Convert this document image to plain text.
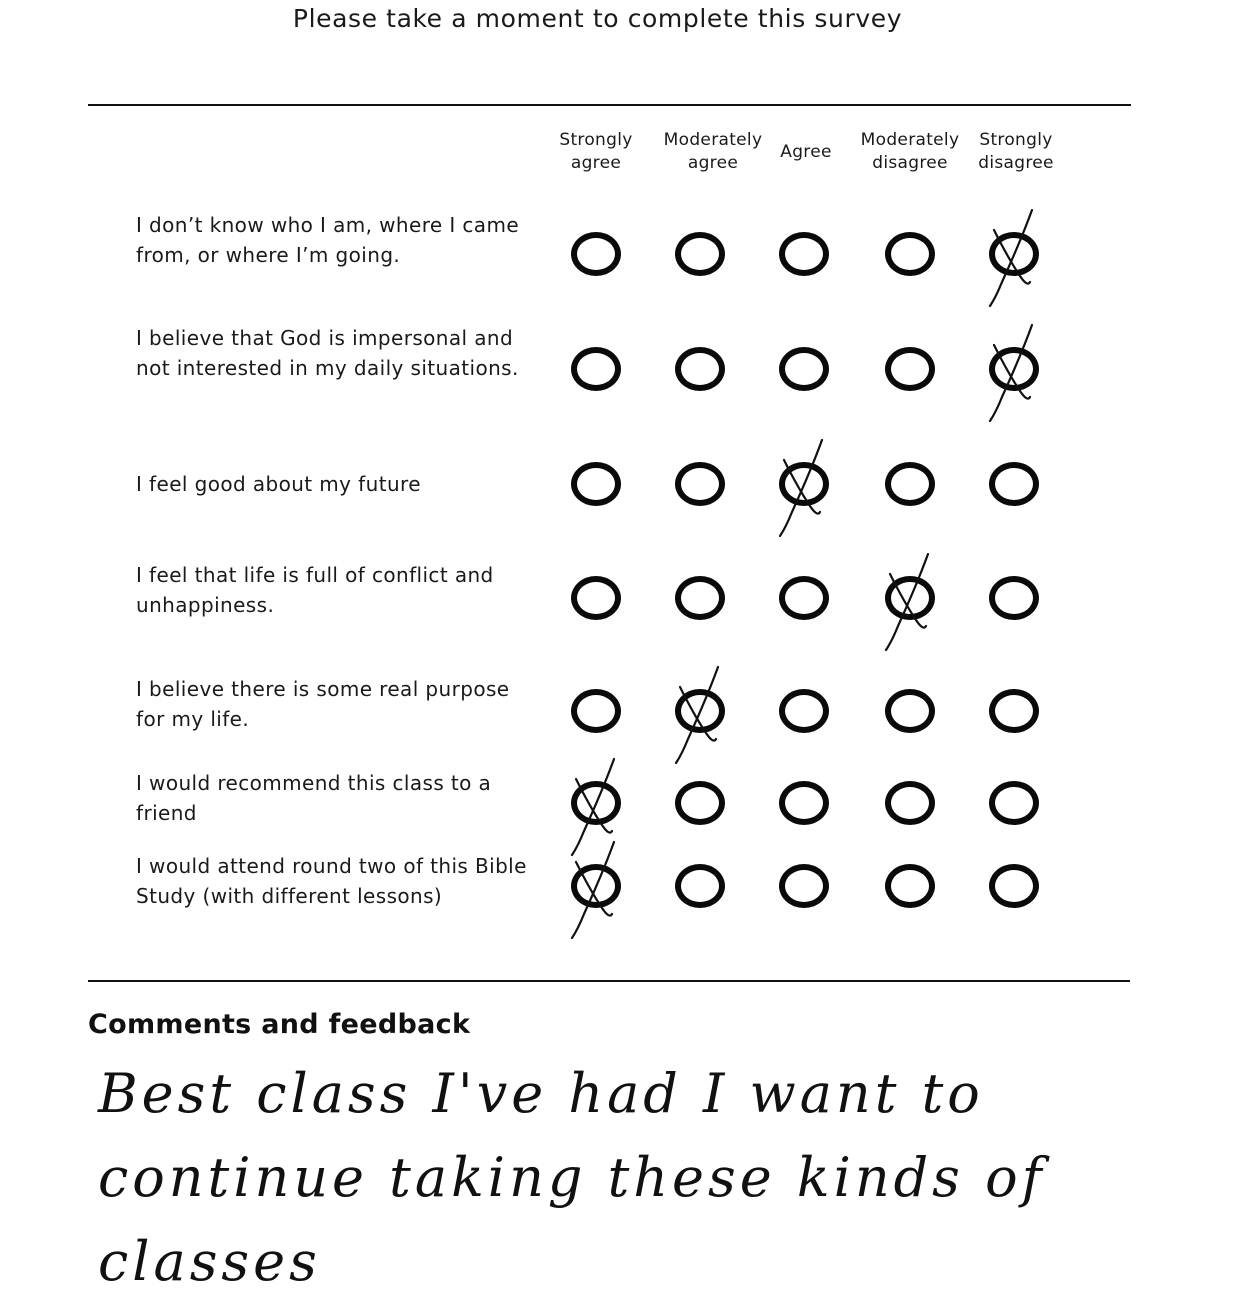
Please take a moment to complete this survey
Strongly
agree
Moderately
agree
Agree
Moderately
disagree
Strongly
disagree
I don’t know who I am, where I came from, or where I’m going.
I believe that God is impersonal and not interested in my daily situations.
I feel good about my future
I feel that life is full of conflict and unhappiness.
I believe there is some real purpose for my life.
I would recommend this class to a friend
I would attend round two of this Bible Study (with different lessons)
Comments and feedback
Best class I've had I want to continue taking these kinds of classes
